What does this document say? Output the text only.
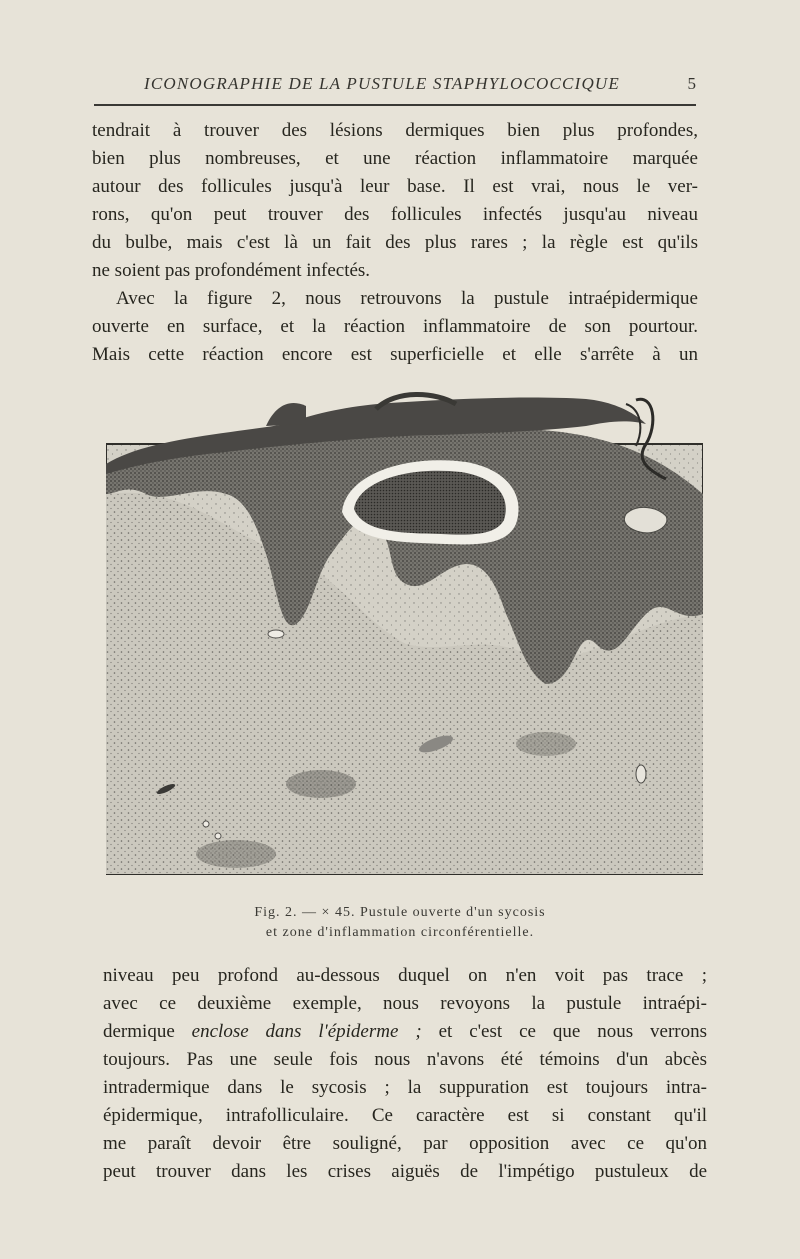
ICONOGRAPHIE DE LA PUSTULE STAPHYLOCOCCIQUE	5
tendrait à trouver des lésions dermiques bien plus profondes,
bien plus nombreuses, et une réaction inflammatoire marquée
autour des follicules jusqu'à leur base. Il est vrai, nous le ver-
rons, qu'on peut trouver des follicules infectés jusqu'au niveau
du bulbe, mais c'est là un fait des plus rares ; la règle est qu'ils
ne soient pas profondément infectés.
Avec la figure 2, nous retrouvons la pustule intraépidermique
ouverte en surface, et la réaction inflammatoire de son pourtour.
Mais cette réaction encore est superficielle et elle s'arrête à un
Fig. 2. — × 45. Pustule ouverte d'un sycosis
et zone d'inflammation circonférentielle.
niveau peu profond au-dessous duquel on n'en voit pas trace ;
avec ce deuxième exemple, nous revoyons la pustule intraépi-
dermique enclose dans l'épiderme ; et c'est ce que nous verrons
toujours. Pas une seule fois nous n'avons été témoins d'un abcès
intradermique dans le sycosis ; la suppuration est toujours intra-
épidermique, intrafolliculaire. Ce caractère est si constant qu'il
me paraît devoir être souligné, par opposition avec ce qu'on
peut trouver dans les crises aiguës de l'impétigo pustuleux de
